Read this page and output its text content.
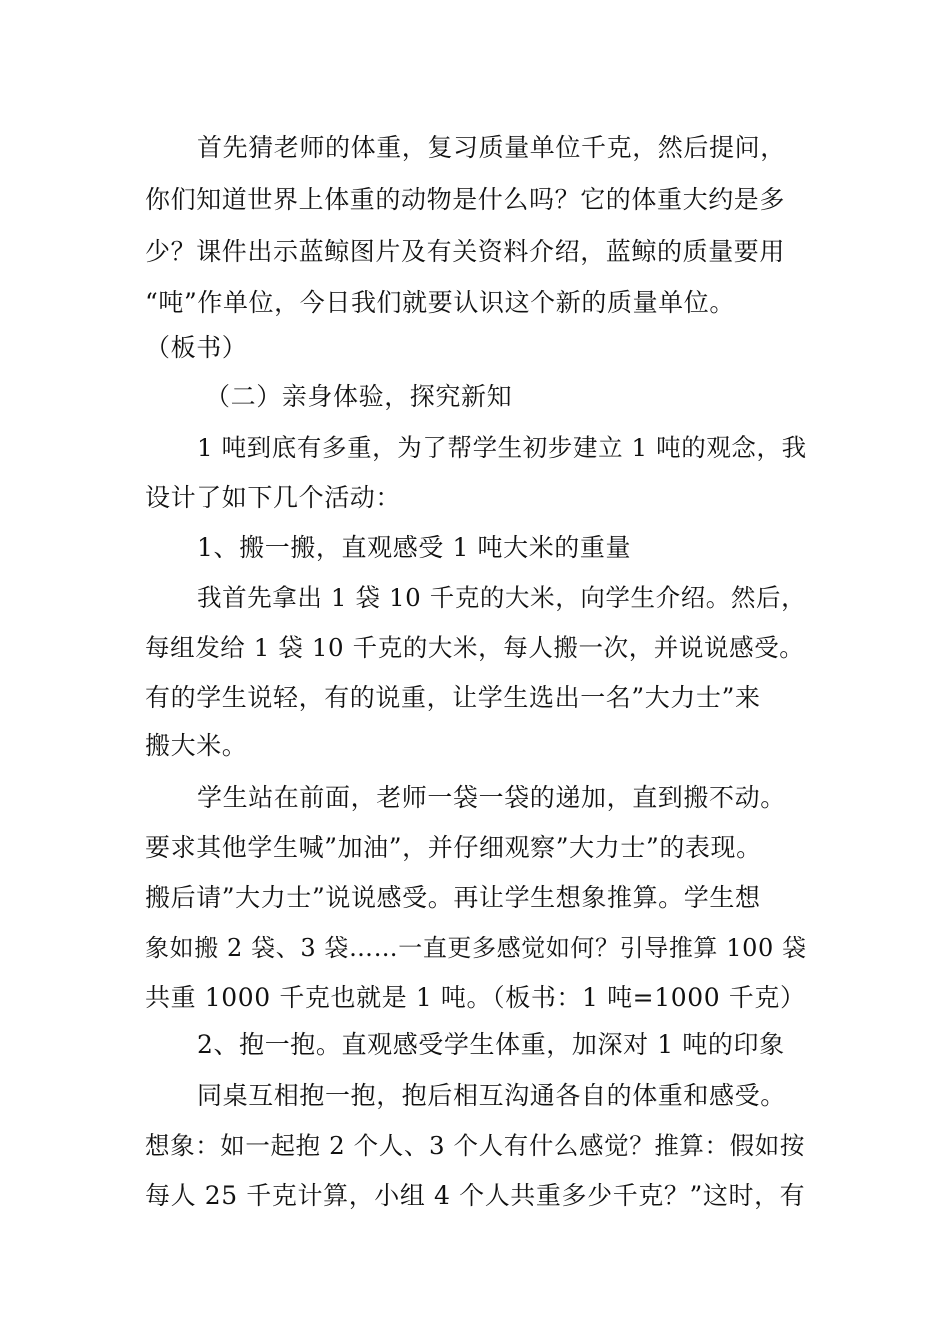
首先猜老师的体重，复习质量单位千克，然后提问，
你们知道世界上体重的动物是什么吗？它的体重大约是多
少？课件出示蓝鲸图片及有关资料介绍，蓝鲸的质量要用
“吨”作单位，今日我们就要认识这个新的质量单位。
（板书）
（二）亲身体验，探究新知
1 吨到底有多重，为了帮学生初步建立 1 吨的观念，我
设计了如下几个活动：
1、搬一搬，直观感受 1 吨大米的重量
我首先拿出 1 袋 10 千克的大米，向学生介绍。然后，
每组发给 1 袋 10 千克的大米，每人搬一次，并说说感受。
有的学生说轻，有的说重，让学生选出一名”大力士”来
搬大米。
学生站在前面，老师一袋一袋的递加，直到搬不动。
要求其他学生喊”加油”，并仔细观察”大力士”的表现。
搬后请”大力士”说说感受。再让学生想象推算。学生想
象如搬 2 袋、3 袋……一直更多感觉如何？引导推算 100 袋
共重 1000 千克也就是 1 吨。（板书：1 吨=1000 千克）
2、抱一抱。直观感受学生体重，加深对 1 吨的印象
同桌互相抱一抱，抱后相互沟通各自的体重和感受。
想象：如一起抱 2 个人、3 个人有什么感觉？推算：假如按
每人 25 千克计算，小组 4 个人共重多少千克？”这时，有
